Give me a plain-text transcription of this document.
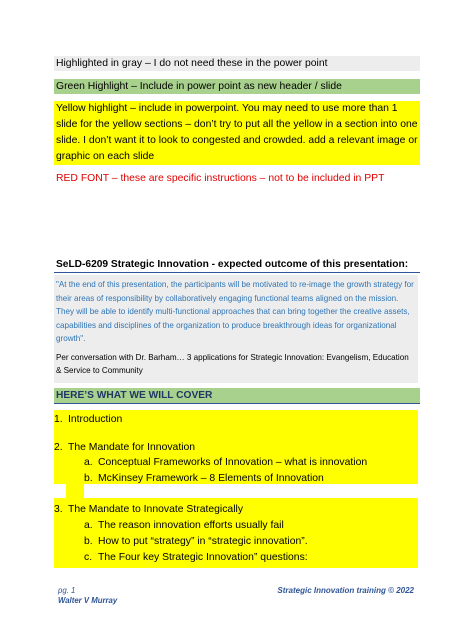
Highlighted in gray – I do not need these in the power point
Green Highlight – Include in power point as new header / slide
Yellow highlight – include in powerpoint. You may need to use more than 1 slide for the yellow sections – don’t try to put all the yellow in a section into one slide. I don’t want it to look to congested and crowded. add a relevant image or graphic on each slide
RED FONT – these are specific instructions – not to be included in PPT
SeLD-6209 Strategic Innovation - expected outcome of this presentation:
"At the end of this presentation, the participants will be motivated to re-image the growth strategy for their areas of responsibility by collaboratively engaging functional teams aligned on the mission. They will be able to identify multi-functional approaches that can bring together the creative assets, capabilities and disciplines of the organization to produce breakthrough ideas for organizational growth".
Per conversation with Dr. Barham… 3 applications for Strategic Innovation: Evangelism, Education & Service to Community
HERE’S WHAT WE WILL COVER
1. Introduction
2. The Mandate for Innovation
a. Conceptual Frameworks of Innovation – what is innovation
b. McKinsey Framework – 8 Elements of Innovation
3. The Mandate to Innovate Strategically
a. The reason innovation efforts usually fail
b. How to put “strategy” in “strategic innovation”.
c. The Four key Strategic Innovation” questions:
pg. 1
Walter V Murray
Strategic Innovation training © 2022
